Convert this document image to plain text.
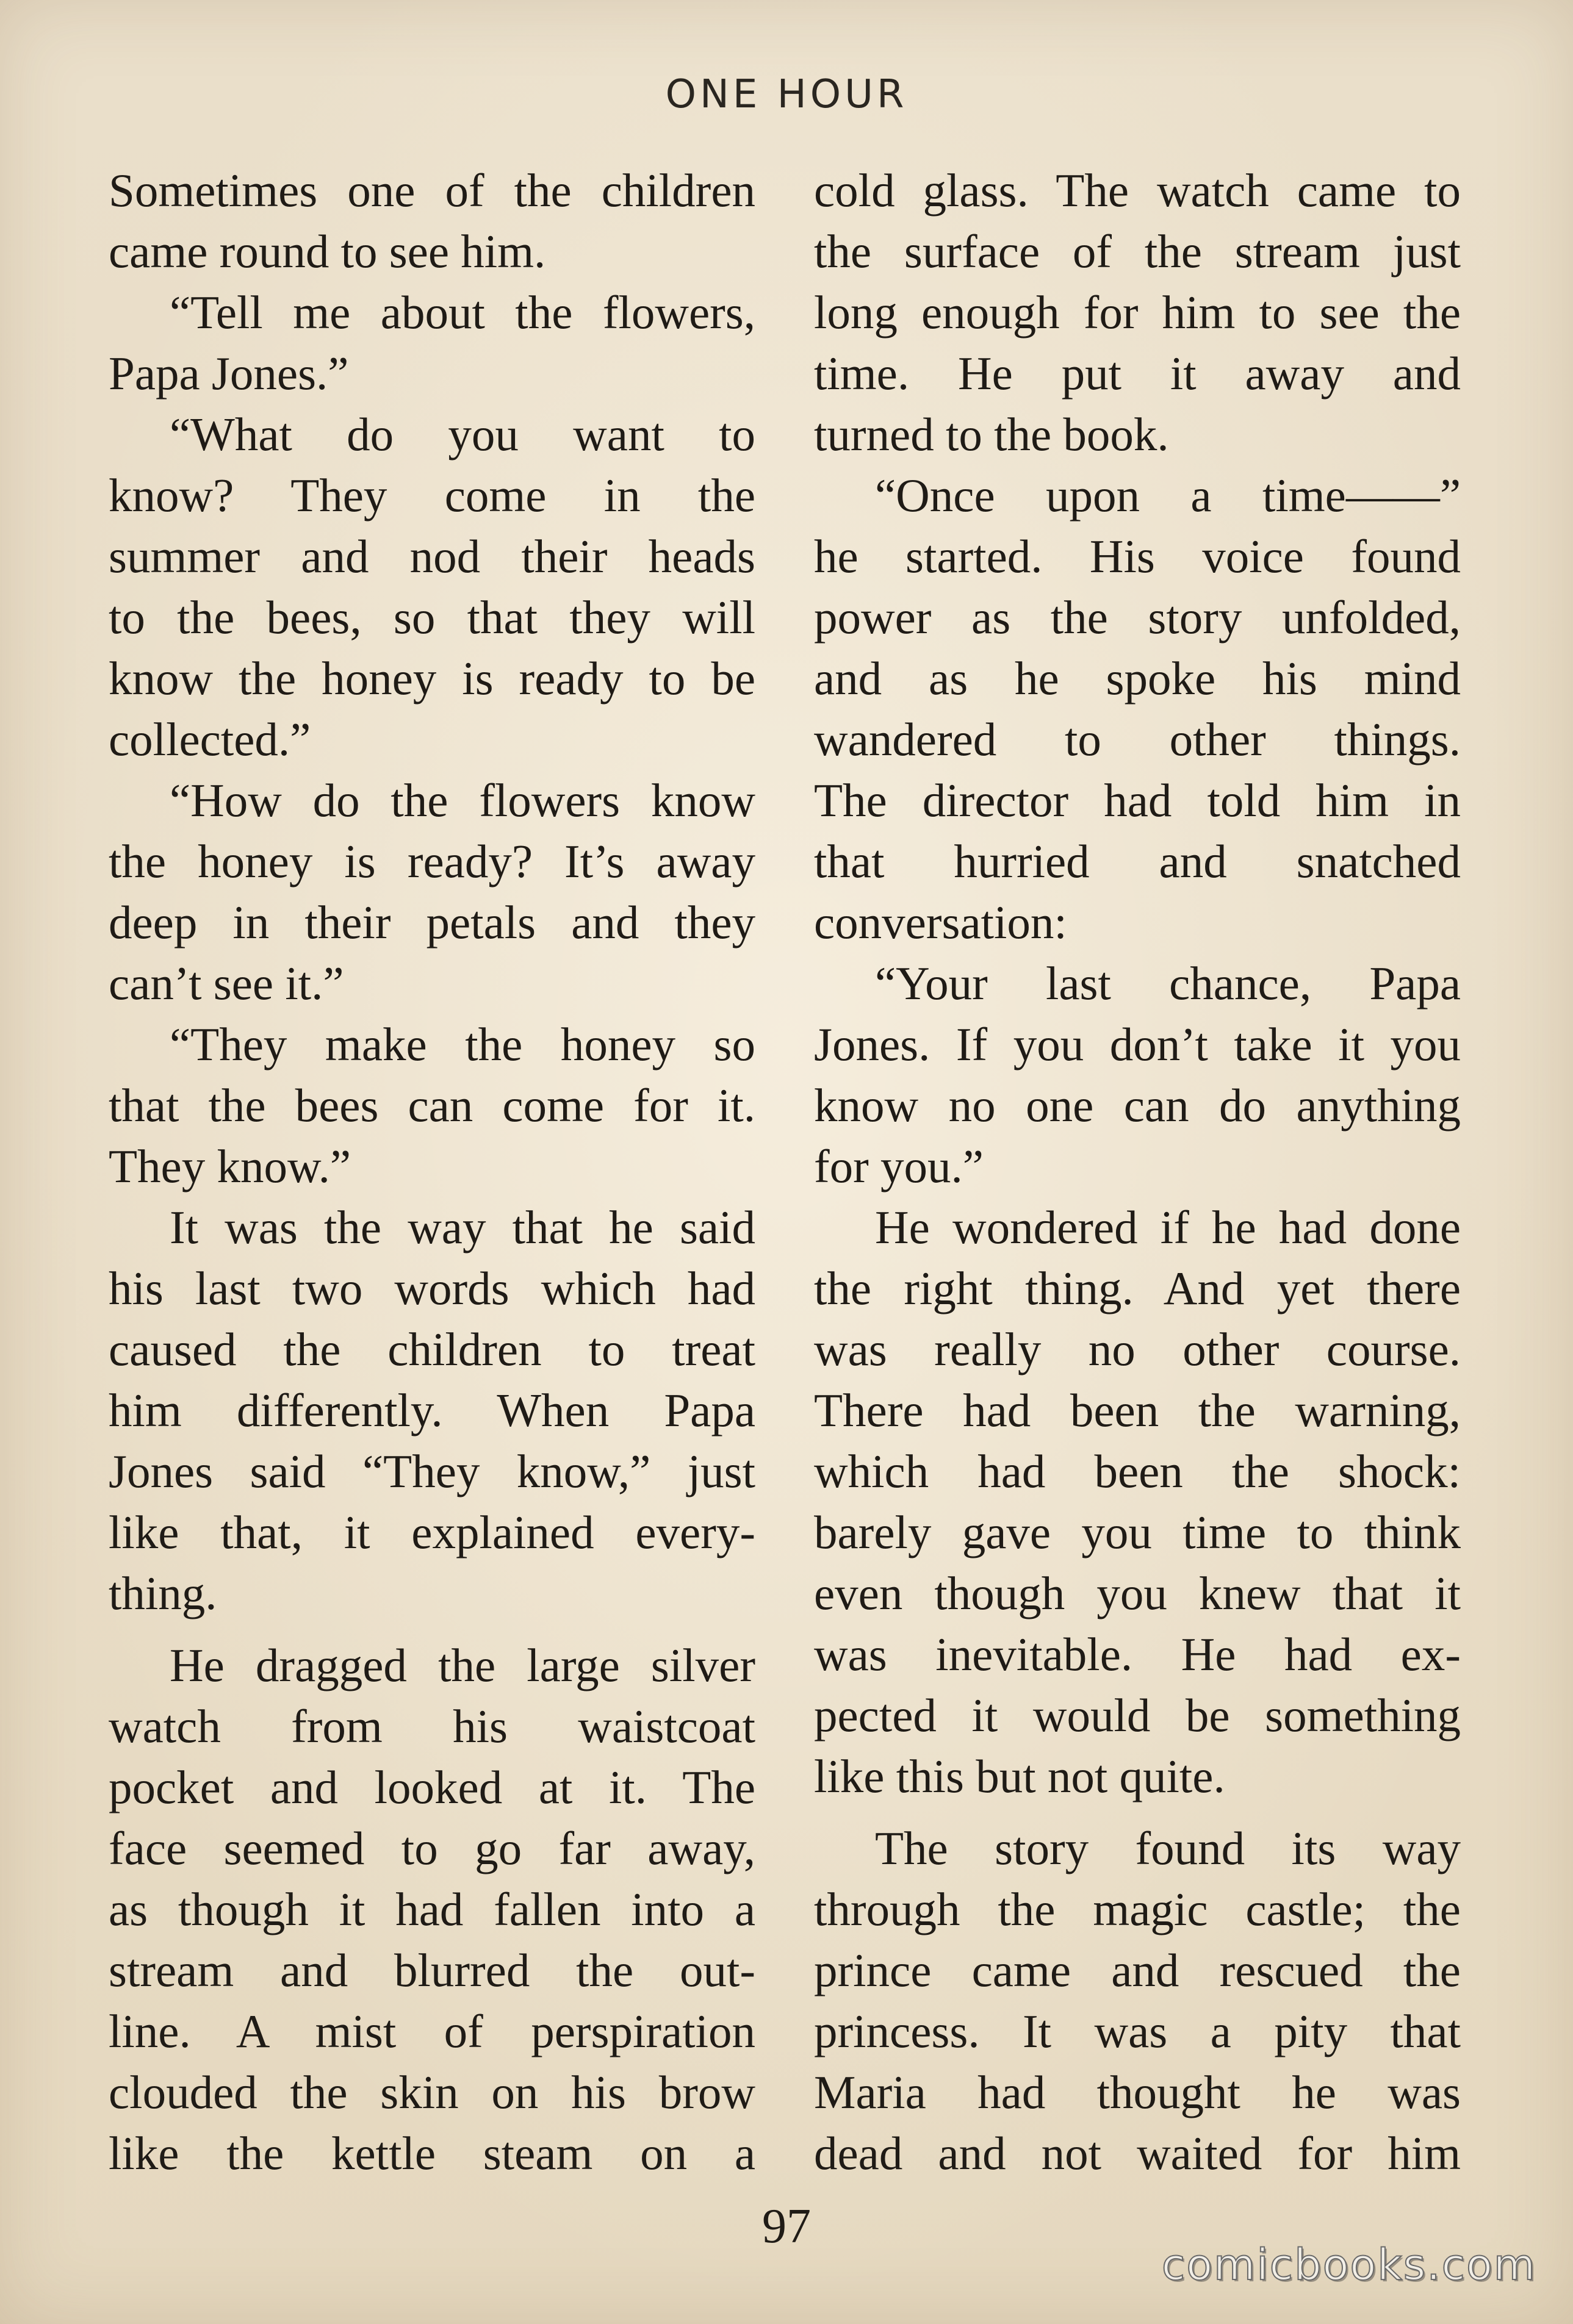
ONE HOUR
Sometimes one of the children
came round to see him.
“Tell me about the flowers,
Papa Jones.”
“What do you want to
know? They come in the
summer and nod their heads
to the bees, so that they will
know the honey is ready to be
collected.”
“How do the flowers know
the honey is ready? It’s away
deep in their petals and they
can’t see it.”
“They make the honey so
that the bees can come for it.
They know.”
It was the way that he said
his last two words which had
caused the children to treat
him differently. When Papa
Jones said “They know,” just
like that, it explained every-
thing.
He dragged the large silver
watch from his waistcoat
pocket and looked at it. The
face seemed to go far away,
as though it had fallen into a
stream and blurred the out-
line. A mist of perspiration
clouded the skin on his brow
like the kettle steam on a
cold glass. The watch came to
the surface of the stream just
long enough for him to see the
time. He put it away and
turned to the book.
“Once upon a time——”
he started. His voice found
power as the story unfolded,
and as he spoke his mind
wandered to other things.
The director had told him in
that hurried and snatched
conversation:
“Your last chance, Papa
Jones. If you don’t take it you
know no one can do anything
for you.”
He wondered if he had done
the right thing. And yet there
was really no other course.
There had been the warning,
which had been the shock:
barely gave you time to think
even though you knew that it
was inevitable. He had ex-
pected it would be something
like this but not quite.
The story found its way
through the magic castle; the
prince came and rescued the
princess. It was a pity that
Maria had thought he was
dead and not waited for him
97
comicbooks.com
